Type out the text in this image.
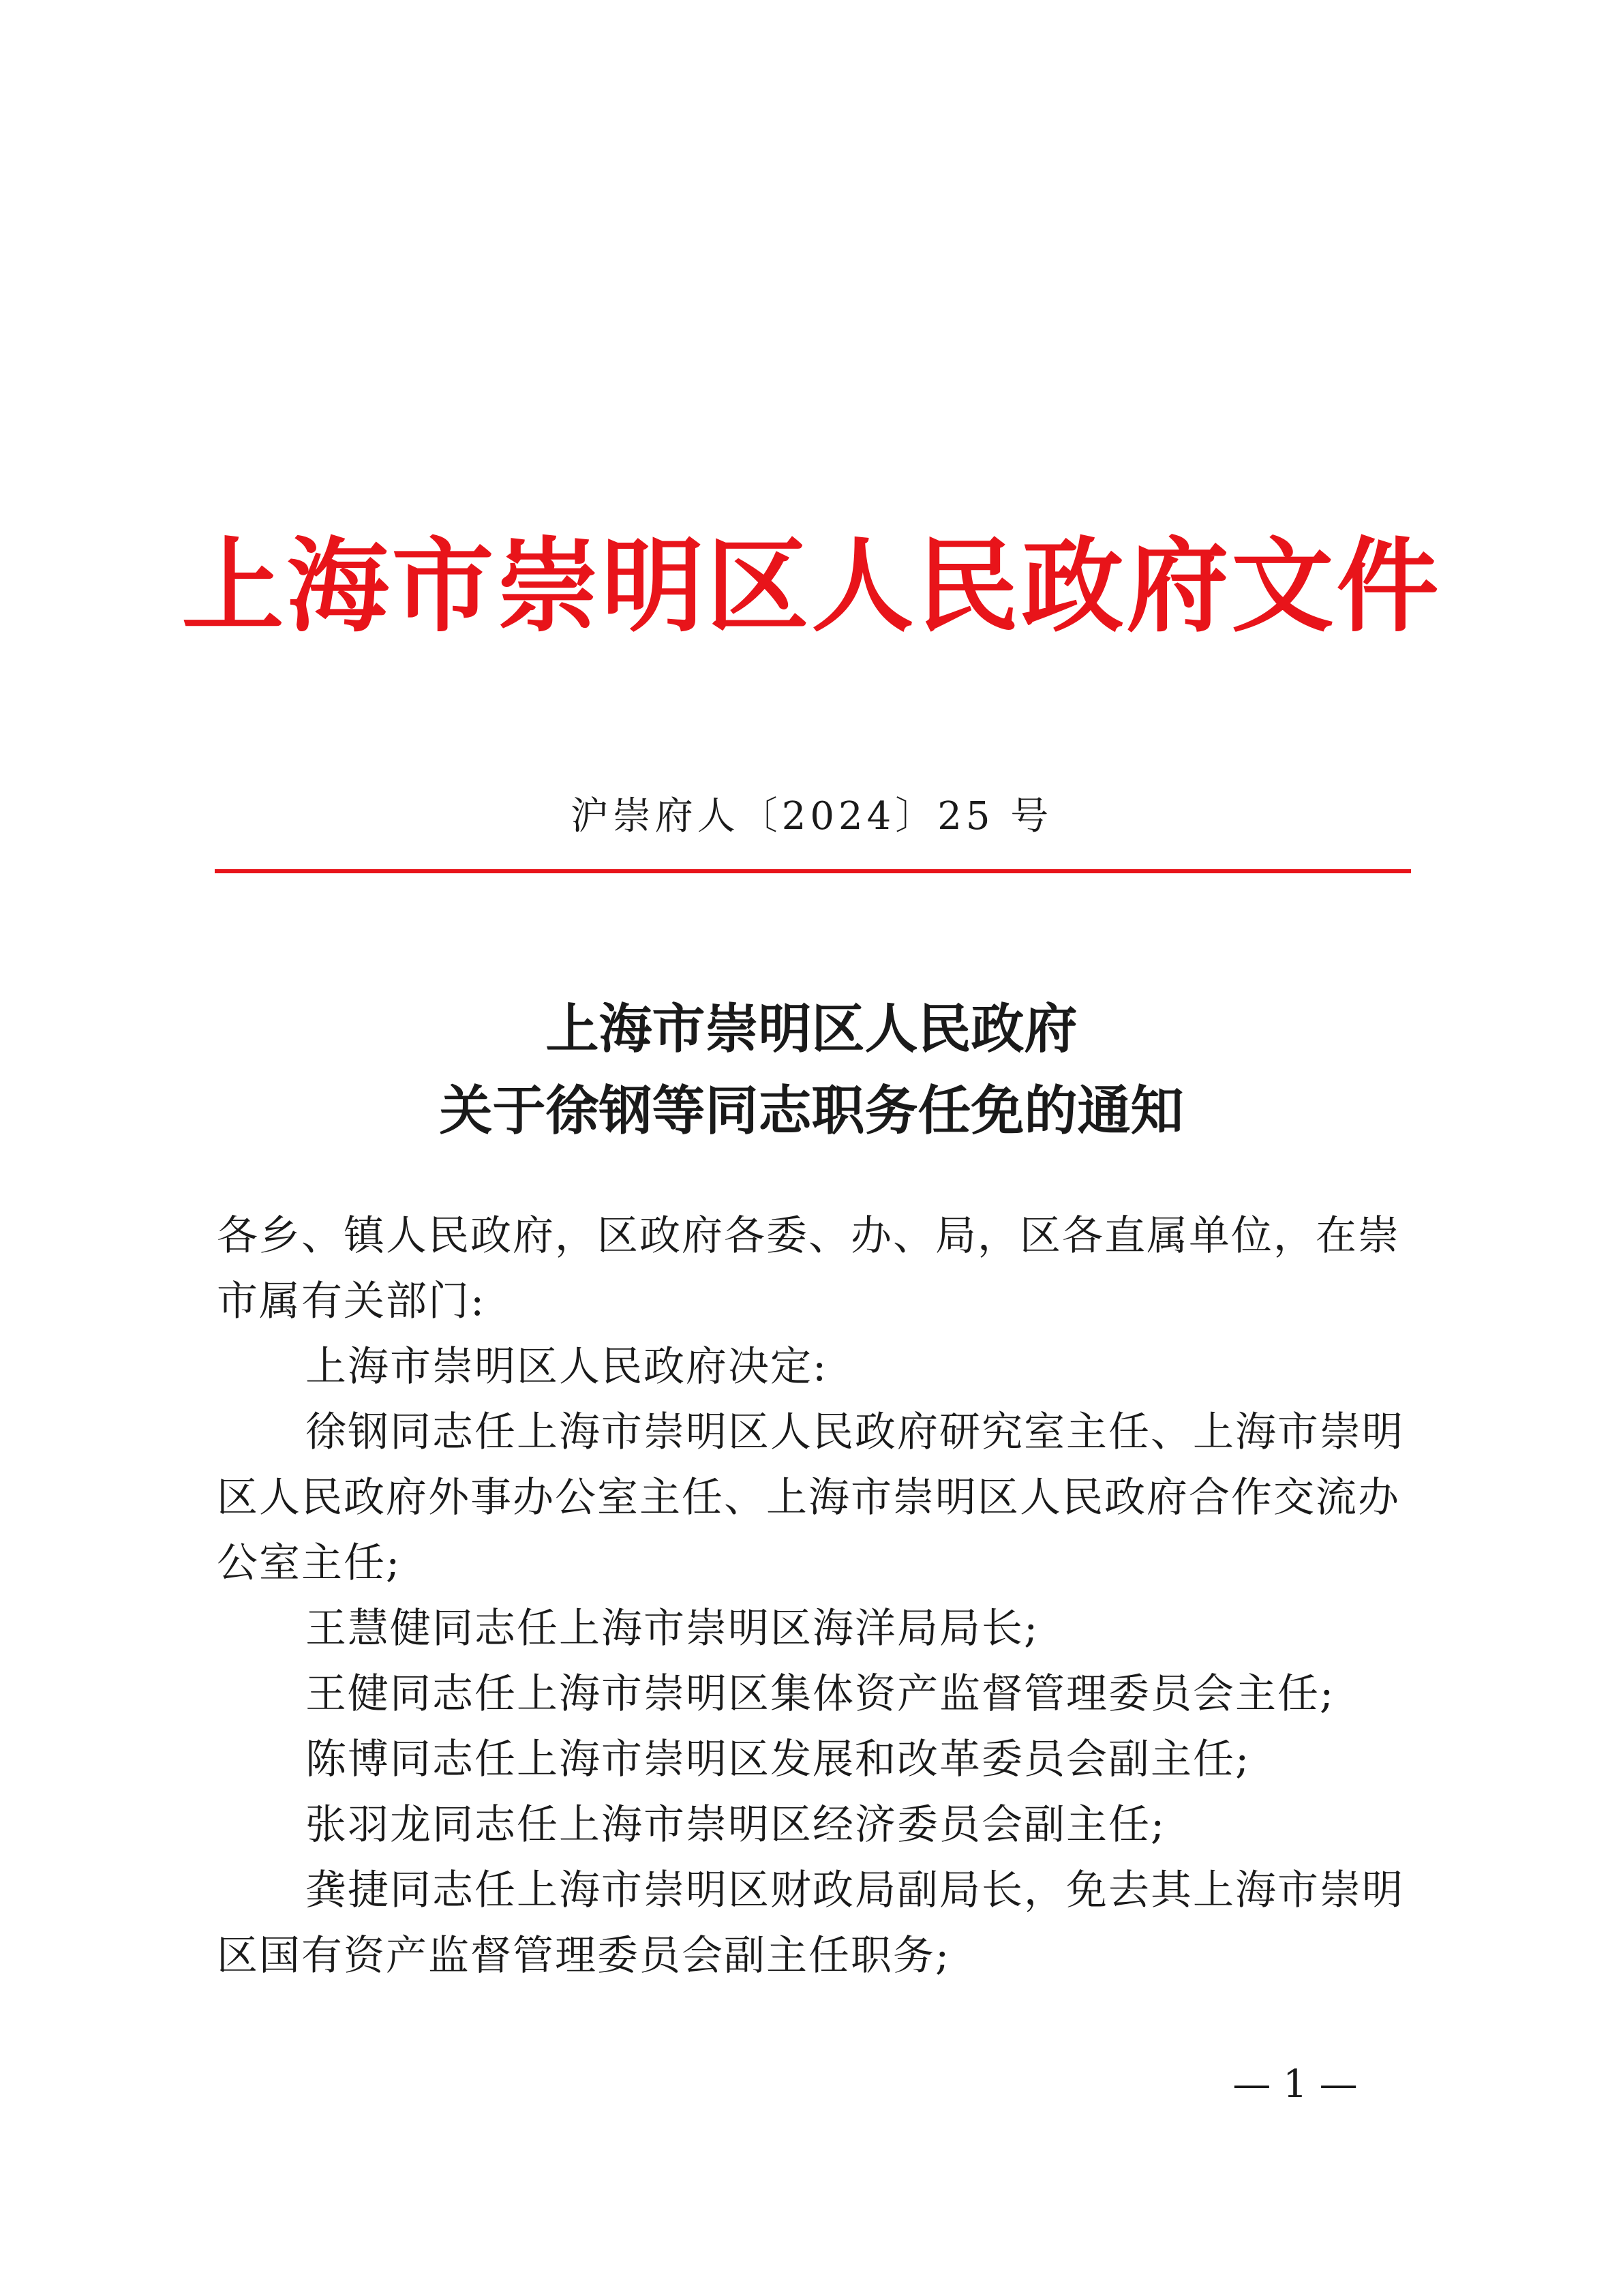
上海市崇明区人民政府文件
沪崇府人〔2024〕25 号
上海市崇明区人民政府
关于徐钢等同志职务任免的通知

各乡、镇人民政府，区政府各委、办、局，区各直属单位，在崇市属有关部门:

上海市崇明区人民政府决定:

徐钢同志任上海市崇明区人民政府研究室主任、上海市崇明区人民政府外事办公室主任、上海市崇明区人民政府合作交流办公室主任;

王慧健同志任上海市崇明区海洋局局长;

王健同志任上海市崇明区集体资产监督管理委员会主任;

陈博同志任上海市崇明区发展和改革委员会副主任;

张羽龙同志任上海市崇明区经济委员会副主任;

龚捷同志任上海市崇明区财政局副局长，免去其上海市崇明区国有资产监督管理委员会副主任职务;

— 1 —
